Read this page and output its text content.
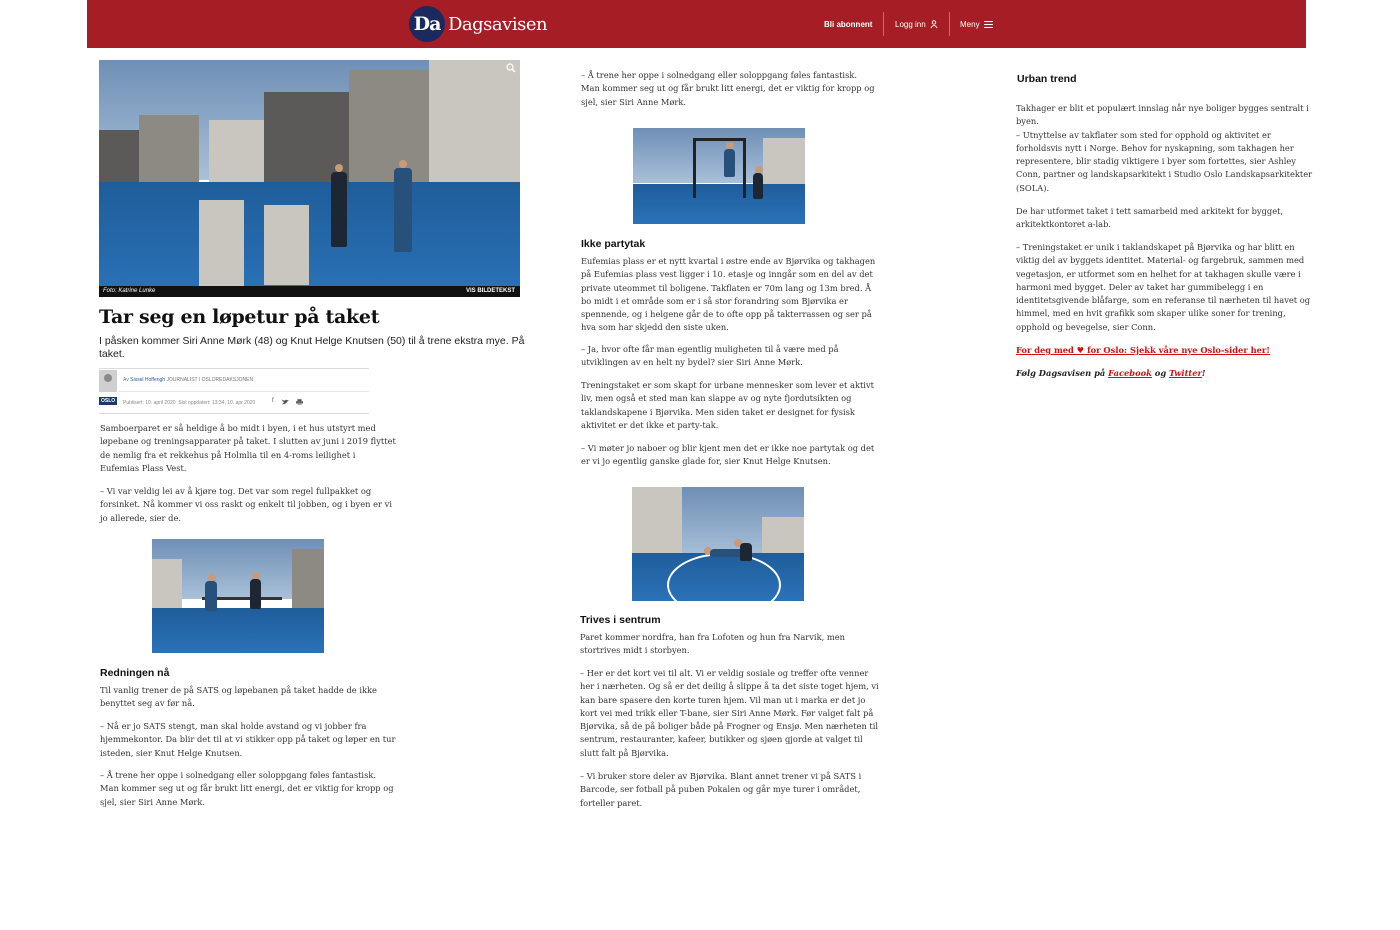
Da Dagsavisen	Bli abonnent	Logg inn	Meny
Foto: Katrine Lunke	VIS BILDETEKST
Tar seg en løpetur på taket

I påsken kommer Siri Anne Mørk (48) og Knut Helge Knutsen (50) til å trene ekstra mye. På taket.

Av Sissel Hoffengh JOURNALIST I OSLOREDAKSJONEN
OSLO	Publisert: 10. april 2020 Sist oppdatert: 13:34, 10. apr 2020	f
Samboerparet er så heldige å bo midt i byen, i et hus utstyrt med
løpebane og treningsapparater på taket. I slutten av juni i 2019 flyttet
de nemlig fra et rekkehus på Holmlia til en 4-roms leilighet i
Eufemias Plass Vest.
– Vi var veldig lei av å kjøre tog. Det var som regel fullpakket og
forsinket. Nå kommer vi oss raskt og enkelt til jobben, og i byen er vi
jo allerede, sier de.
Redningen nå
Til vanlig trener de på SATS og løpebanen på taket hadde de ikke
benyttet seg av før nå.
– Nå er jo SATS stengt, man skal holde avstand og vi jobber fra
hjemmekontor. Da blir det til at vi stikker opp på taket og løper en tur
isteden, sier Knut Helge Knutsen.
– Å trene her oppe i solnedgang eller soloppgang føles fantastisk.
Man kommer seg ut og får brukt litt energi, det er viktig for kropp og
sjel, sier Siri Anne Mørk.
– Å trene her oppe i solnedgang eller soloppgang føles fantastisk.
Man kommer seg ut og får brukt litt energi, det er viktig for kropp og
sjel, sier Siri Anne Mørk.
Ikke partytak
Eufemias plass er et nytt kvartal i østre ende av Bjørvika og takhagen
på Eufemias plass vest ligger i 10. etasje og inngår som en del av det
private uteommet til boligene. Takflaten er 70m lang og 13m bred. Å
bo midt i et område som er i så stor forandring som Bjørvika er
spennende, og i helgene går de to ofte opp på takterrassen og ser på
hva som har skjedd den siste uken.
– Ja, hvor ofte får man egentlig muligheten til å være med på
utviklingen av en helt ny bydel? sier Siri Anne Mørk.
Treningstaket er som skapt for urbane mennesker som lever et aktivt
liv, men også et sted man kan slappe av og nyte fjordutsikten og
taklandskapene i Bjørvika. Men siden taket er designet for fysisk
aktivitet er det ikke et party-tak.
– Vi møter jo naboer og blir kjent men det er ikke noe partytak og det
er vi jo egentlig ganske glade for, sier Knut Helge Knutsen.
Trives i sentrum
Paret kommer nordfra, han fra Lofoten og hun fra Narvik, men
stortrives midt i storbyen.
– Her er det kort vei til alt. Vi er veldig sosiale og treffer ofte venner
her i nærheten. Og så er det deilig å slippe å ta det siste toget hjem, vi
kan bare spasere den korte turen hjem. Vil man ut i marka er det jo
kort vei med trikk eller T-bane, sier Siri Anne Mørk. Før valget falt på
Bjørvika, så de på boliger både på Frogner og Ensjø. Men nærheten til
sentrum, restauranter, kafeer, butikker og sjøen gjorde at valget til
slutt falt på Bjørvika.
– Vi bruker store deler av Bjørvika. Blant annet trener vi på SATS i
Barcode, ser fotball på puben Pokalen og går mye turer i området,
forteller paret.
Urban trend
Takhager er blit et populært innslag når nye boliger bygges sentralt i
byen.
– Utnyttelse av takflater som sted for opphold og aktivitet er
forholdsvis nytt i Norge. Behov for nyskapning, som takhagen her
representere, blir stadig viktigere i byer som fortettes, sier Ashley
Conn, partner og landskapsarkitekt i Studio Oslo Landskapsarkitekter
(SOLA).
De har utformet taket i tett samarbeid med arkitekt for bygget,
arkitektkontoret a-lab.
– Treningstaket er unik i taklandskapet på Bjørvika og har blitt en
viktig del av byggets identitet. Material- og fargebruk, sammen med
vegetasjon, er utformet som en helhet for at takhagen skulle være i
harmoni med bygget. Deler av taket har gummibelegg i en
identitetsgivende blåfarge, som en referanse til nærheten til havet og
himmel, med en hvit grafikk som skaper ulike soner for trening,
opphold og bevegelse, sier Conn.
For deg med ♥ for Oslo: Sjekk våre nye Oslo-sider her!
Følg Dagsavisen på Facebook og Twitter!
